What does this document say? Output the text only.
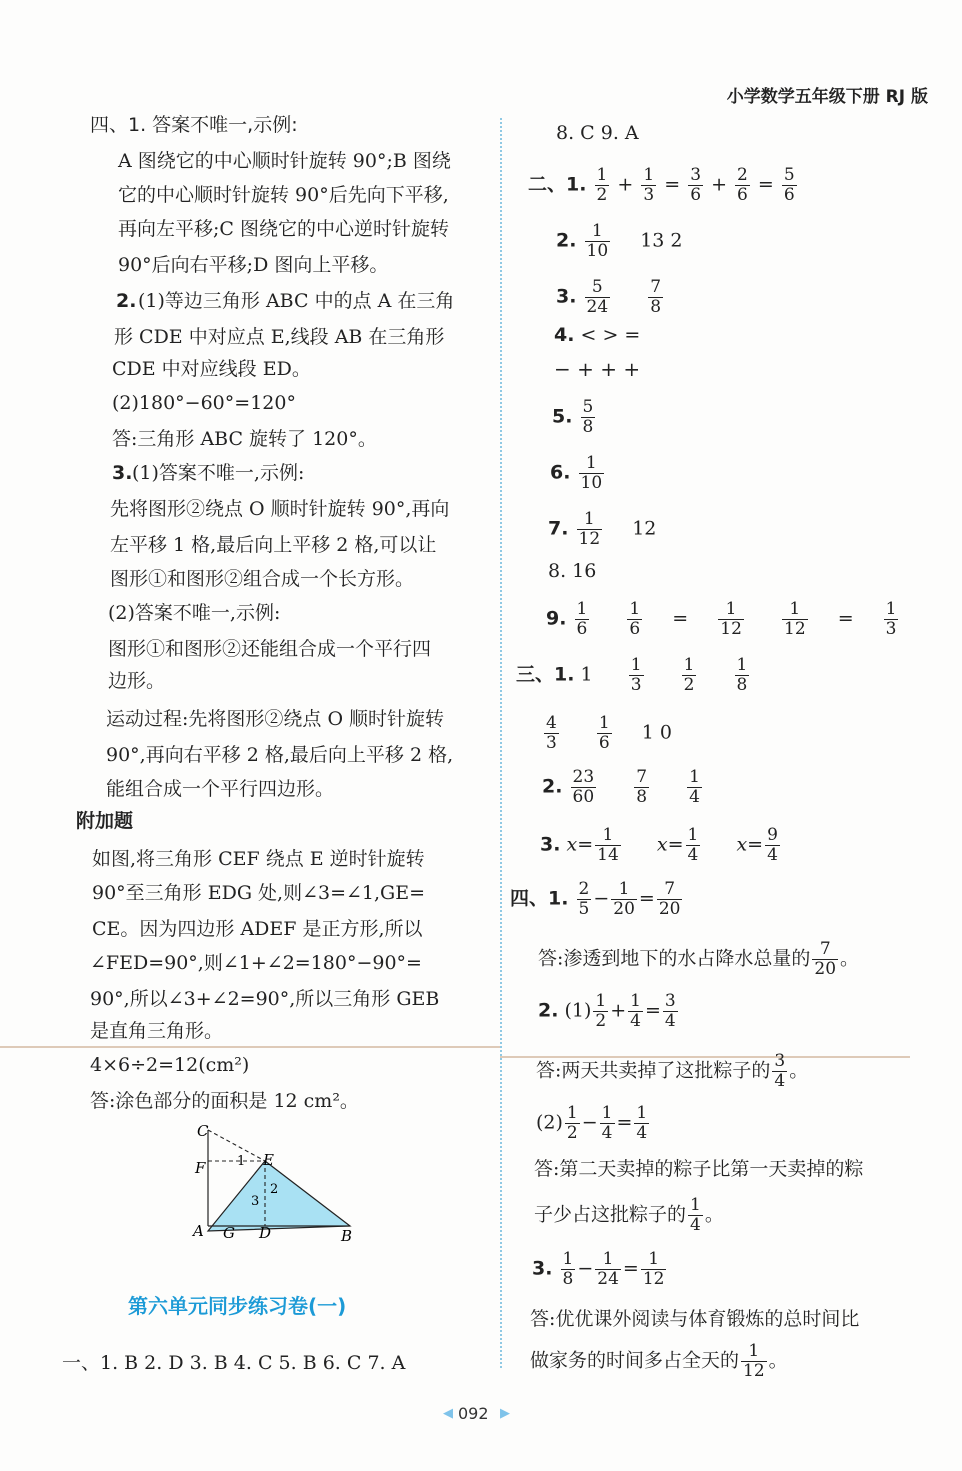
小学数学五年级下册 RJ 版
四、1. 答案不唯一,示例:
A 图绕它的中心顺时针旋转 90°;B 图绕
它的中心顺时针旋转 90°后先向下平移,
再向左平移;C 图绕它的中心逆时针旋转
90°后向右平移;D 图向上平移。
2. (1)等边三角形 ABC 中的点 A 在三角
形 CDE 中对应点 E,线段 AB 在三角形
CDE 中对应线段 ED。
(2)180°−60°=120°
答:三角形 ABC 旋转了 120°。
3. (1)答案不唯一,示例:
先将图形②绕点 O 顺时针旋转 90°,再向
左平移 1 格,最后向上平移 2 格,可以让
图形①和图形②组合成一个长方形。
(2)答案不唯一,示例:
图形①和图形②还能组合成一个平行四
边形。
运动过程:先将图形②绕点 O 顺时针旋转
90°,再向右平移 2 格,最后向上平移 2 格,
能组合成一个平行四边形。
附加题
如图,将三角形 CEF 绕点 E 逆时针旋转
90°至三角形 EDG 处,则∠3=∠1,GE=
CE。因为四边形 ADEF 是正方形,所以
∠FED=90°,则∠1+∠2=180°−90°=
90°,所以∠3+∠2=90°,所以三角形 GEB
是直角三角形。
4×6÷2=12(cm²)
答:涂色部分的面积是 12 cm²。
C
F	E
A G D	B
1
2
3
第六单元同步练习卷(一)
一、1. B 2. D 3. B 4. C 5. B 6. C 7. A
8. C 9. A
二、1. $\frac{1}{2} + \frac{1}{3} = \frac{3}{6} + \frac{2}{6} = \frac{5}{6}$
2. $\frac{1}{10} 13$ 2
3. $\frac{5}{24}$
$\frac{7}{8}$
4. < > =
− + + +
5. $\frac{5}{8}$
6. $\frac{1}{10}$
7. $\frac{1}{12} 12$
8. 16
9. $\frac{1}{6}$
$\frac{1}{6} = \frac{1}{12}$
$\frac{1}{12} = \frac{1}{3}$
三、1. $1 \frac{1}{3}$
$\frac{1}{2}$
$\frac{1}{8}$
$\frac{4}{3}$
$\frac{1}{6} 1$ 0
2. $\frac{23}{60}$
$\frac{7}{8}$
$\frac{1}{4}$
3. $x= \frac{1}{14} x= \frac{1}{4} x= \frac{9}{4}$
四、1. $\frac{2}{5} - \frac{1}{20} = \frac{7}{20}$
答:渗透到地下的水占降水总量的 $\frac{7}{20}$ 。
2. $(1) \frac{1}{2} + \frac{1}{4} = \frac{3}{4}$
答:两天共卖掉了这批粽子的 $\frac{3}{4}$ 。
$(2) \frac{1}{2} - \frac{1}{4} = \frac{1}{4}$
答:第二天卖掉的粽子比第一天卖掉的粽
子少占这批粽子的 $\frac{1}{4}$ 。
3. $\frac{1}{8} - \frac{1}{24} = \frac{1}{12}$
答:优优课外阅读与体育锻炼的总时间比
做家务的时间多占全天的 $\frac{1}{12}$ 。
◀ 092 ▶
